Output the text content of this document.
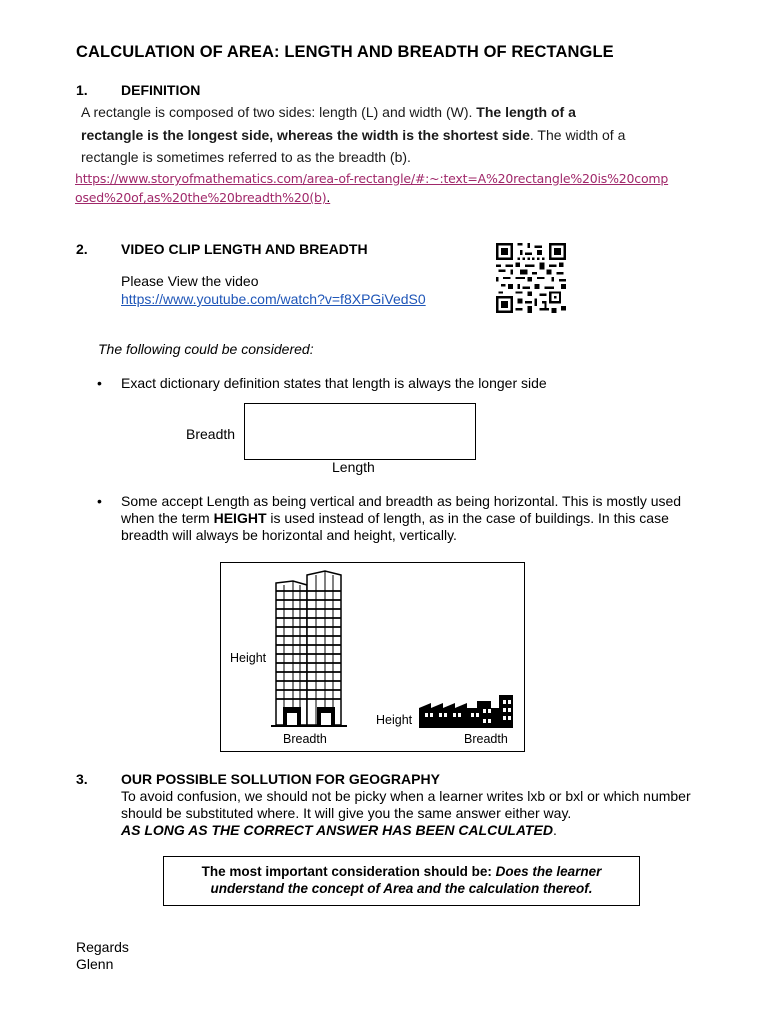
CALCULATION OF AREA: LENGTH AND BREADTH OF RECTANGLE
1. DEFINITION
A rectangle is composed of two sides: length (L) and width (W). The length of a rectangle is the longest side, whereas the width is the shortest side. The width of a rectangle is sometimes referred to as the breadth (b).
https://www.storyofmathematics.com/area-of-rectangle/#:~:text=A%20rectangle%20is%20composed%20of,as%20the%20breadth%20(b).
2. VIDEO CLIP LENGTH AND BREADTH
Please View the video
https://www.youtube.com/watch?v=f8XPGiVedS0
The following could be considered:
• Exact dictionary definition states that length is always the longer side
Breadth
Length
• Some accept Length as being vertical and breadth as being horizontal. This is mostly used when the term HEIGHT is used instead of length, as in the case of buildings. In this case breadth will always be horizontal and height, vertically.
Height
Breadth
Height
Breadth
3. OUR POSSIBLE SOLLUTION FOR GEOGRAPHY
To avoid confusion, we should not be picky when a learner writes lxb or bxl or which number should be substituted where. It will give you the same answer either way.
AS LONG AS THE CORRECT ANSWER HAS BEEN CALCULATED.
The most important consideration should be: Does the learner understand the concept of Area and the calculation thereof.
Regards
Glenn
